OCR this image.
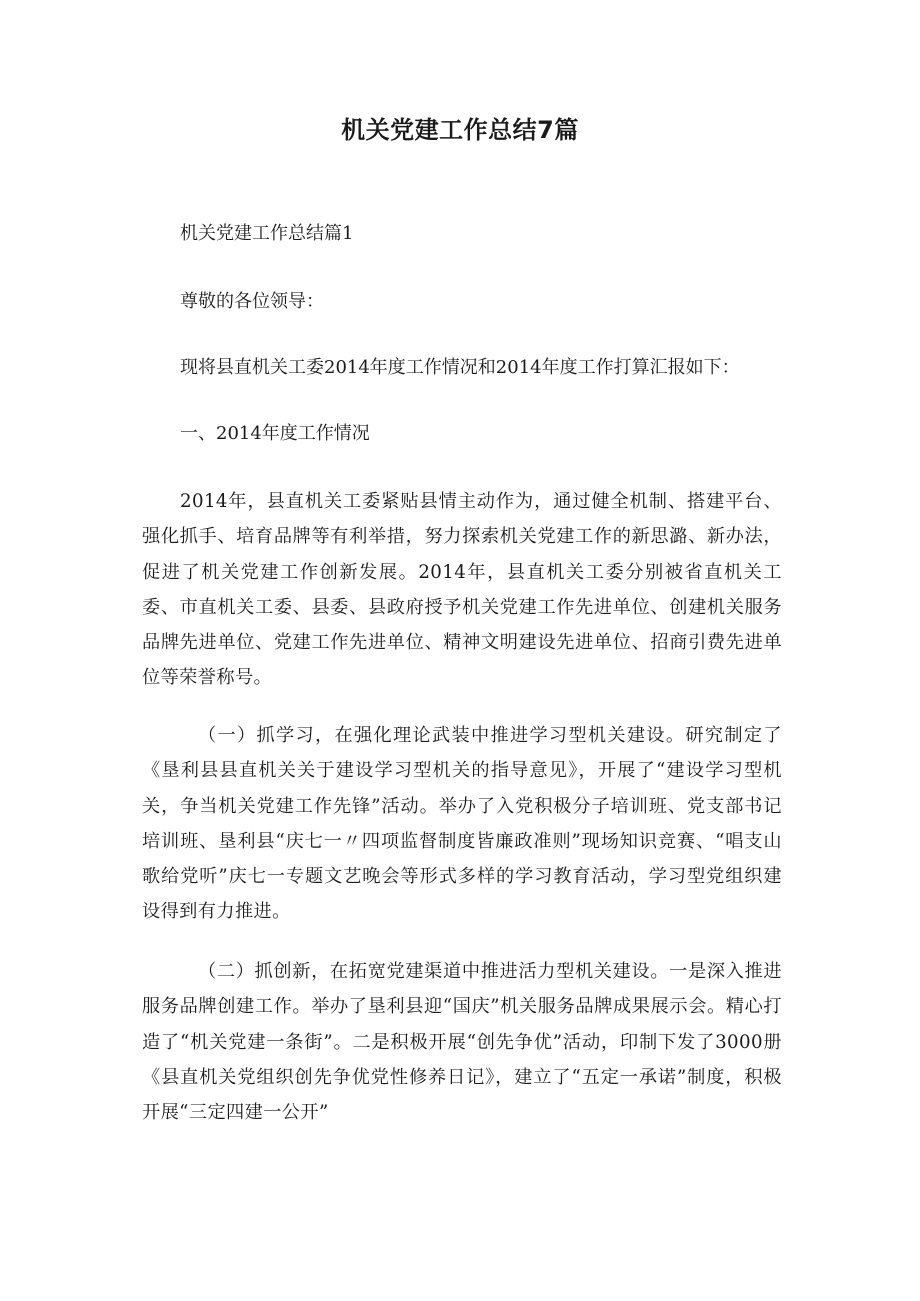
机关党建工作总结7篇
机关党建工作总结篇1
尊敬的各位领导：
现将县直机关工委2014年度工作情况和2014年度工作打算汇报如下：
一、2014年度工作情况
2014年，县直机关工委紧贴县情主动作为，通过健全机制、搭建平台、强化抓手、培育品牌等有利举措，努力探索机关党建工作的新思潞、新办法，促进了机关党建工作创新发展。2014年，县直机关工委分别被省直机关工委、市直机关工委、县委、县政府授予机关党建工作先进单位、创建机关服务品牌先进单位、党建工作先进单位、精神文明建设先进单位、招商引费先进单位等荣誉称号。
（一）抓学习，在强化理论武装中推进学习型机关建设。研究制定了《垦利县县直机关关于建设学习型机关的指导意见》，开展了“建设学习型机关，争当机关党建工作先锋”活动。举办了入党积极分子培训班、党支部书记培训班、垦利县“庆七一〃四项监督制度皆廉政准则”现场知识竞赛、“唱支山歌给党听”庆七一专题文艺晚会等形式多样的学习教育活动，学习型党组织建设得到有力推进。
（二）抓创新，在拓宽党建渠道中推进活力型机关建设。一是深入推进服务品牌创建工作。举办了垦利县迎“国庆”机关服务品牌成果展示会。精心打造了“机关党建一条街”。二是积极开展“创先争优”活动，印制下发了3000册《县直机关党组织创先争优党性修养日记》，建立了“五定一承诺”制度，积极开展“三定四建一公开”
